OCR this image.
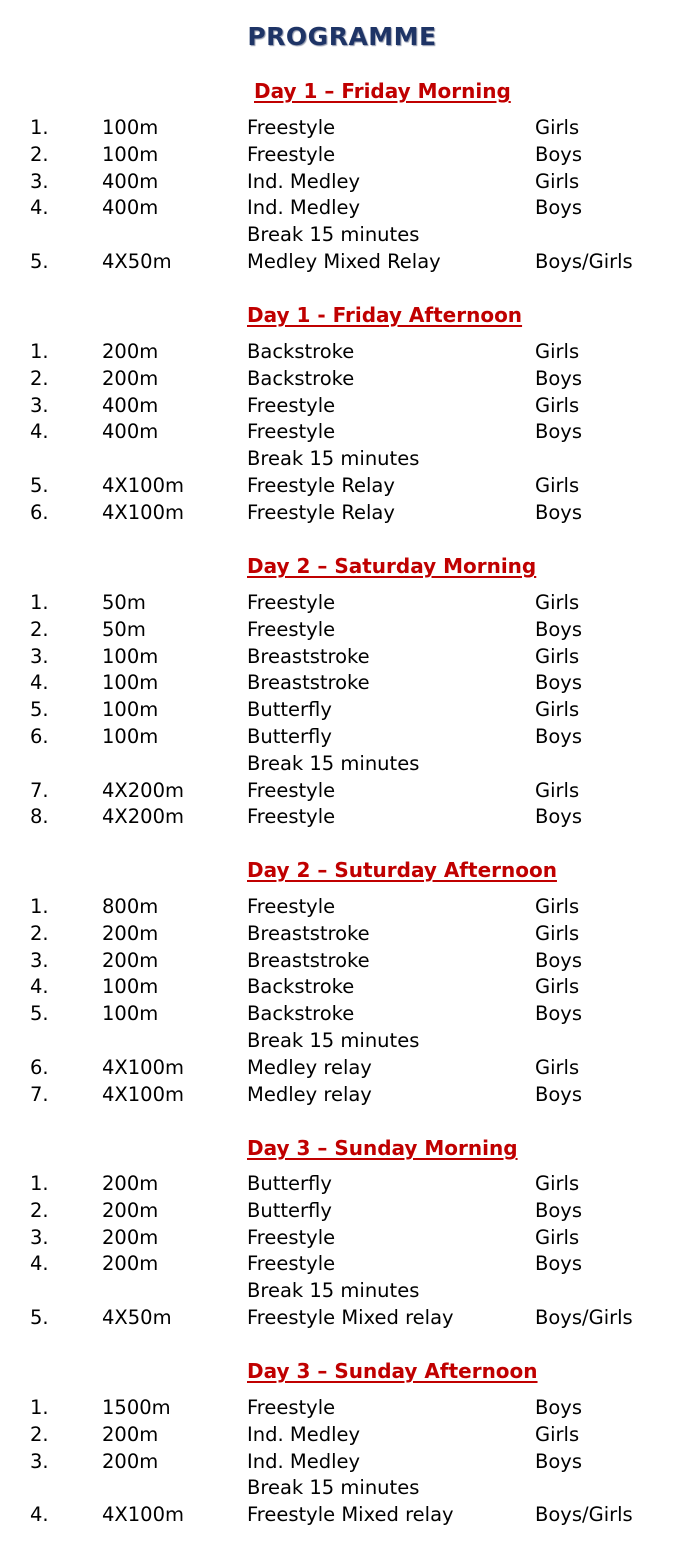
PROGRAMME
Day 1 – Friday Morning
1.	100m	Freestyle	Girls
2.	100m	Freestyle	Boys
3.	400m	Ind. Medley	Girls
4.	400m	Ind. Medley	Boys
Break 15 minutes
5.	4X50m	Medley Mixed Relay	Boys/Girls
Day 1 - Friday Afternoon
1.	200m	Backstroke	Girls
2.	200m	Backstroke	Boys
3.	400m	Freestyle	Girls
4.	400m	Freestyle	Boys
Break 15 minutes
5.	4X100m	Freestyle Relay	Girls
6.	4X100m	Freestyle Relay	Boys
Day 2 – Saturday Morning
1.	50m	Freestyle	Girls
2.	50m	Freestyle	Boys
3.	100m	Breaststroke	Girls
4.	100m	Breaststroke	Boys
5.	100m	Butterfly	Girls
6.	100m	Butterfly	Boys
Break 15 minutes
7.	4X200m	Freestyle	Girls
8.	4X200m	Freestyle	Boys
Day 2 – Suturday Afternoon
1.	800m	Freestyle	Girls
2.	200m	Breaststroke	Girls
3.	200m	Breaststroke	Boys
4.	100m	Backstroke	Girls
5.	100m	Backstroke	Boys
Break 15 minutes
6.	4X100m	Medley relay	Girls
7.	4X100m	Medley relay	Boys
Day 3 – Sunday Morning
1.	200m	Butterfly	Girls
2.	200m	Butterfly	Boys
3.	200m	Freestyle	Girls
4.	200m	Freestyle	Boys
Break 15 minutes
5.	4X50m	Freestyle Mixed relay	Boys/Girls
Day 3 – Sunday Afternoon
1.	1500m	Freestyle	Boys
2.	200m	Ind. Medley	Girls
3.	200m	Ind. Medley	Boys
Break 15 minutes
4.	4X100m	Freestyle Mixed relay	Boys/Girls
